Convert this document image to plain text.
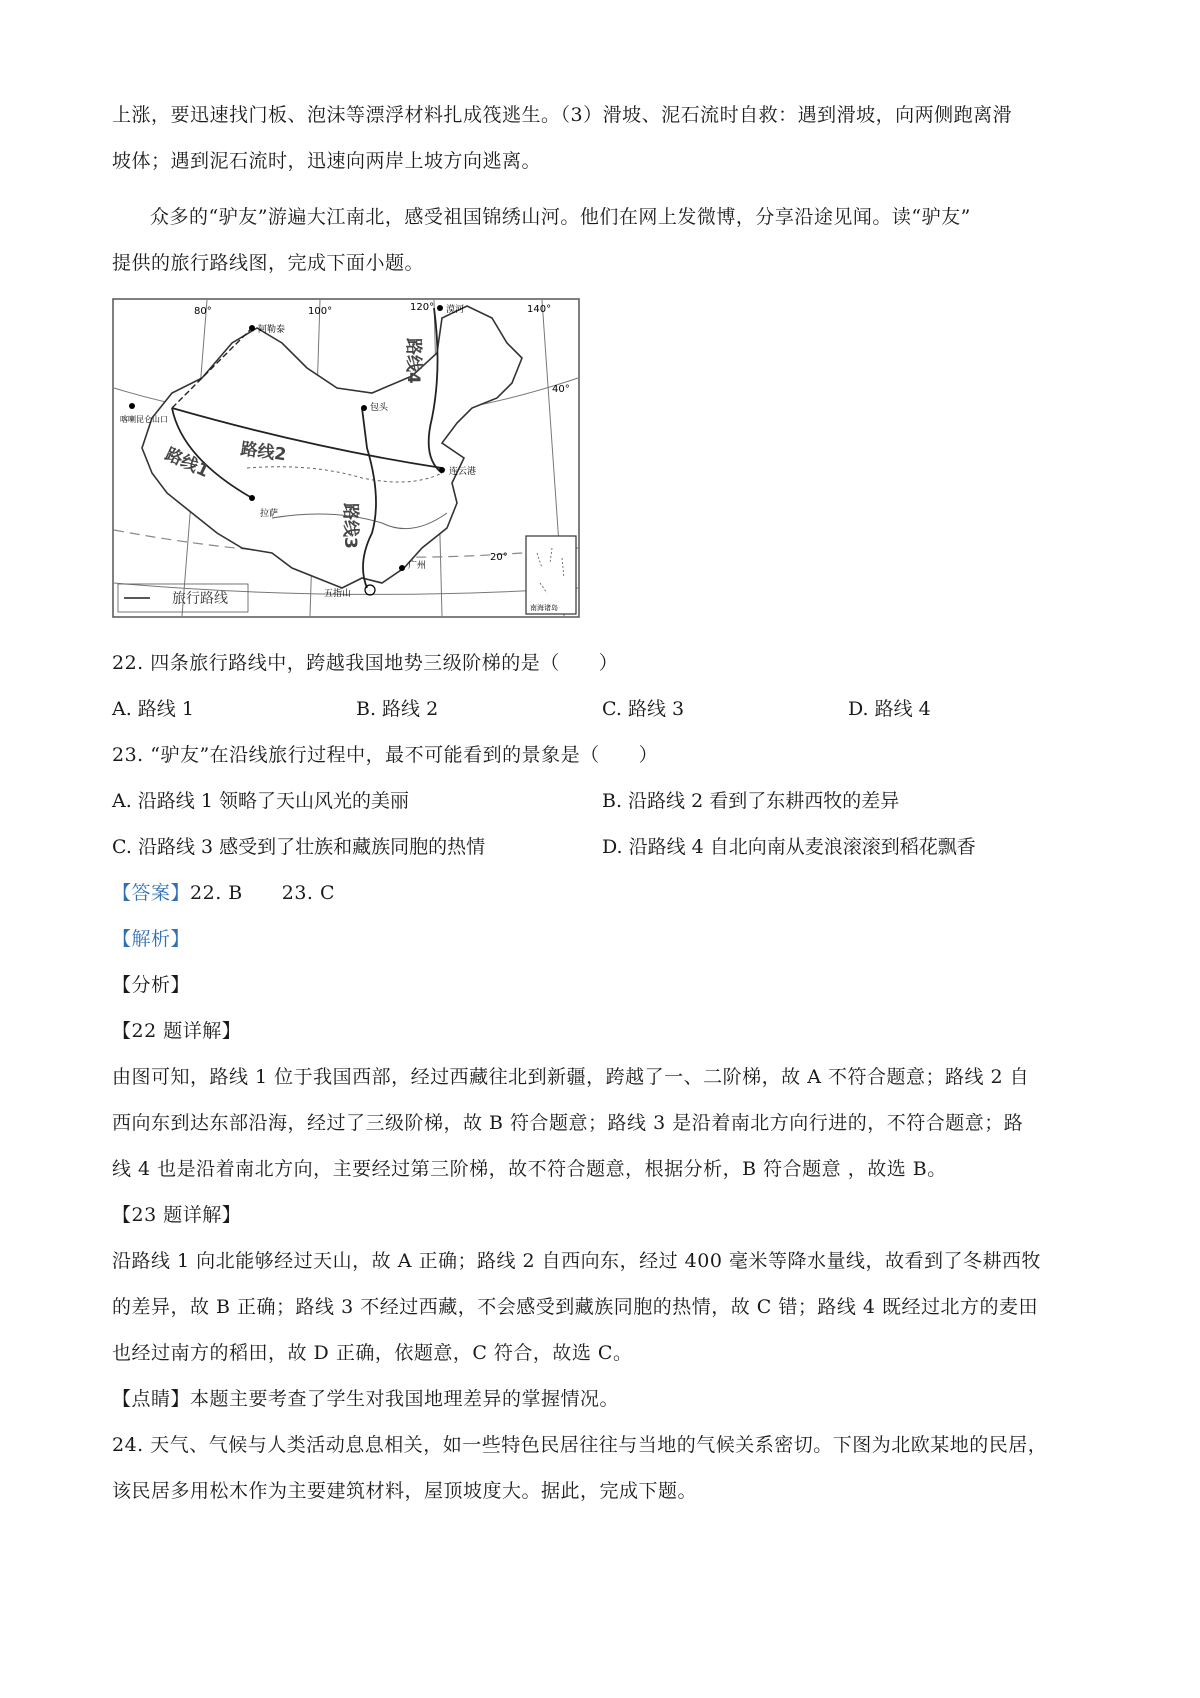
上涨，要迅速找门板、泡沫等漂浮材料扎成筏逃生。（3）滑坡、泥石流时自救：遇到滑坡，向两侧跑离滑
坡体；遇到泥石流时，迅速向两岸上坡方向逃离。
众多的“驴友”游遍大江南北，感受祖国锦绣山河。他们在网上发微博，分享沿途见闻。读“驴友”
提供的旅行路线图，完成下面小题。
80°	100°	120°	140°
40°
20°
阿勒泰
漠河
喀喇昆仑山口
包头
连云港
拉萨
广州
五指山
路线1 路线2
路线3
路线4
旅行路线
南海诸岛
22. 四条旅行路线中，跨越我国地势三级阶梯的是（　　）
A. 路线 1	B. 路线 2	C. 路线 3	D. 路线 4
23. “驴友”在沿线旅行过程中，最不可能看到的景象是（　　）
A. 沿路线 1 领略了天山风光的美丽	B. 沿路线 2 看到了东耕西牧的差异
C. 沿路线 3 感受到了壮族和藏族同胞的热情	D. 沿路线 4 自北向南从麦浪滚滚到稻花飘香
【答案】22. B　　23. C
【解析】
【分析】
【22 题详解】
由图可知，路线 1 位于我国西部，经过西藏往北到新疆，跨越了一、二阶梯，故 A 不符合题意；路线 2 自
西向东到达东部沿海，经过了三级阶梯，故 B 符合题意；路线 3 是沿着南北方向行进的，不符合题意；路
线 4 也是沿着南北方向，主要经过第三阶梯，故不符合题意，根据分析，B 符合题意 ，故选 B。
【23 题详解】
沿路线 1 向北能够经过天山，故 A 正确；路线 2 自西向东，经过 400 毫米等降水量线，故看到了冬耕西牧
的差异，故 B 正确；路线 3 不经过西藏，不会感受到藏族同胞的热情，故 C 错；路线 4 既经过北方的麦田
也经过南方的稻田，故 D 正确，依题意，C 符合，故选 C。
【点睛】本题主要考查了学生对我国地理差异的掌握情况。
24. 天气、气候与人类活动息息相关，如一些特色民居往往与当地的气候关系密切。下图为北欧某地的民居，
该民居多用松木作为主要建筑材料，屋顶坡度大。据此，完成下题。
